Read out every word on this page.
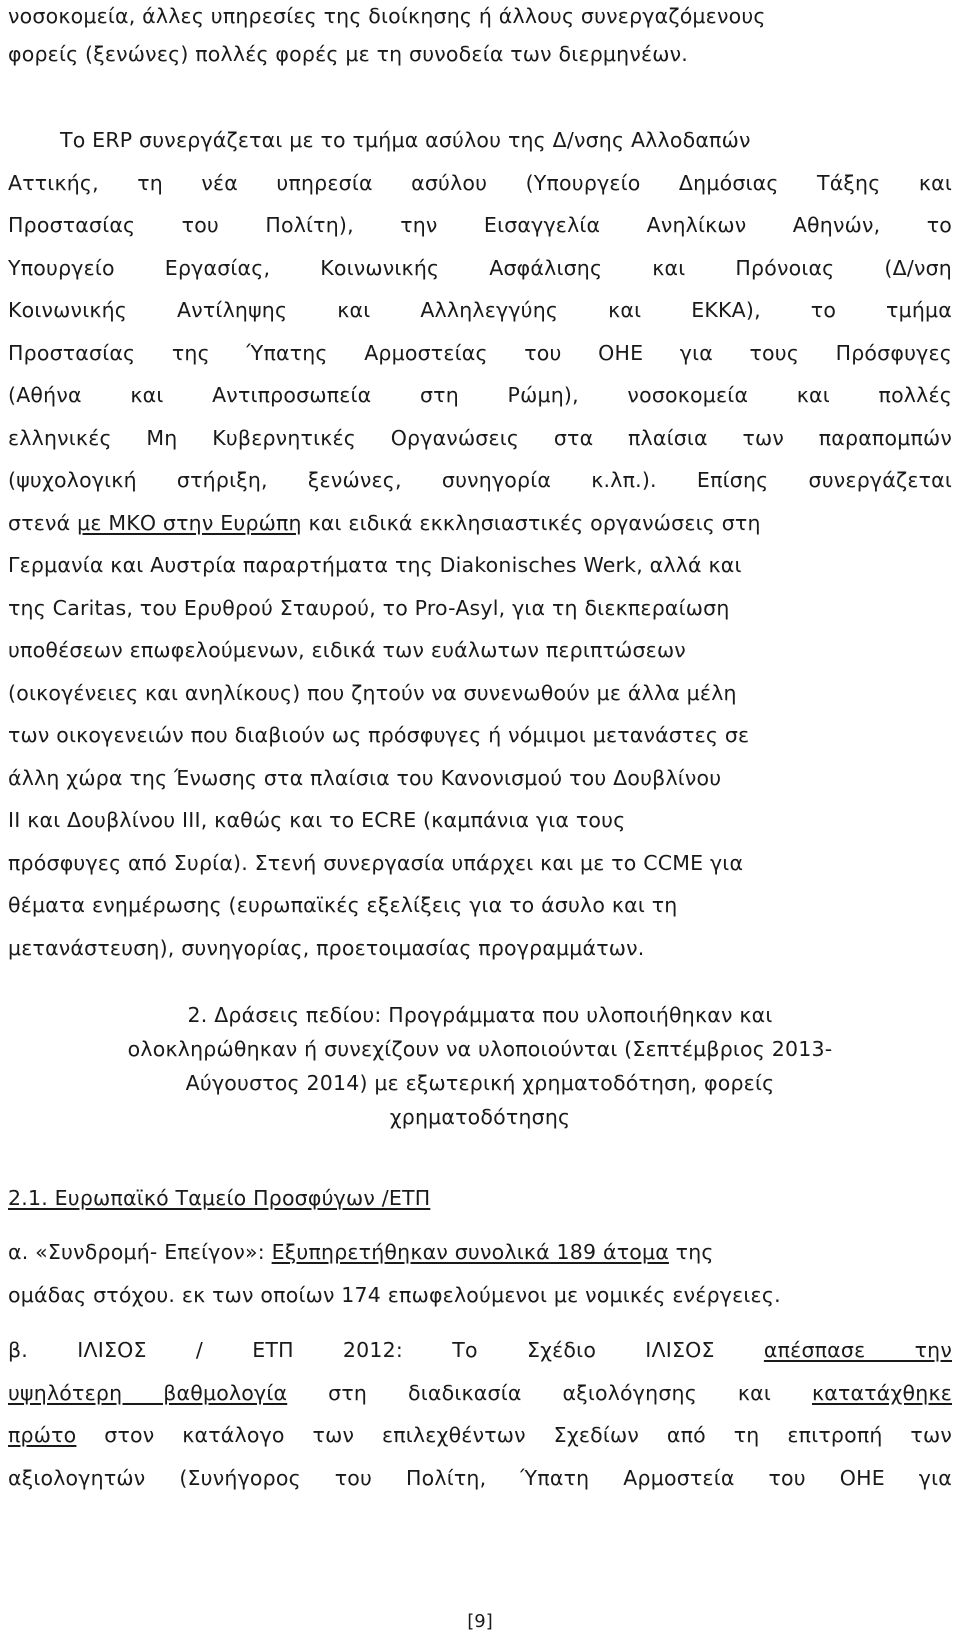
νοσοκομεία, άλλες υπηρεσίες της διοίκησης ή άλλους συνεργαζόμενους
φορείς (ξενώνες) πολλές φορές με τη συνοδεία των διερμηνέων.
Το ERP συνεργάζεται με το τμήμα ασύλου της Δ/νσης Αλλοδαπών
Αττικής, τη νέα υπηρεσία ασύλου (Υπουργείο Δημόσιας Τάξης και
Προστασίας του Πολίτη), την Εισαγγελία Ανηλίκων Αθηνών, το
Υπουργείο Εργασίας, Κοινωνικής Ασφάλισης και Πρόνοιας (Δ/νση
Κοινωνικής Αντίληψης και Αλληλεγγύης και ΕΚΚΑ), το τμήμα
Προστασίας της Ύπατης Αρμοστείας του ΟΗΕ για τους Πρόσφυγες
(Αθήνα και Αντιπροσωπεία στη Ρώμη), νοσοκομεία και πολλές
ελληνικές Μη Κυβερνητικές Οργανώσεις στα πλαίσια των παραπομπών
(ψυχολογική στήριξη, ξενώνες, συνηγορία κ.λπ.). Επίσης συνεργάζεται
στενά με ΜΚΟ στην Ευρώπη και ειδικά εκκλησιαστικές οργανώσεις στη
Γερμανία και Αυστρία παραρτήματα της Diakonisches Werk, αλλά και
της Caritas, του Ερυθρού Σταυρού, το Pro-Asyl, για τη διεκπεραίωση
υποθέσεων επωφελούμενων, ειδικά των ευάλωτων περιπτώσεων
(οικογένειες και ανηλίκους) που ζητούν να συνενωθούν με άλλα μέλη
των οικογενειών που διαβιούν ως πρόσφυγες ή νόμιμοι μετανάστες σε
άλλη χώρα της Ένωσης στα πλαίσια του Κανονισμού του Δουβλίνου
ΙΙ και Δουβλίνου ΙΙΙ, καθώς και το ECRE (καμπάνια για τους
πρόσφυγες από Συρία). Στενή συνεργασία υπάρχει και με το CCME για
θέματα ενημέρωσης (ευρωπαϊκές εξελίξεις για το άσυλο και τη
μετανάστευση), συνηγορίας, προετοιμασίας προγραμμάτων.
2. Δράσεις πεδίου: Προγράμματα που υλοποιήθηκαν και
ολοκληρώθηκαν ή συνεχίζουν να υλοποιούνται (Σεπτέμβριος 2013-
Αύγουστος 2014) με εξωτερική χρηματοδότηση, φορείς
χρηματοδότησης
2.1. Ευρωπαϊκό Ταμείο Προσφύγων /ΕΤΠ
α. «Συνδρομή- Επείγον»: Εξυπηρετήθηκαν συνολικά 189 άτομα της
ομάδας στόχου. εκ των οποίων 174 επωφελούμενοι με νομικές ενέργειες.
β. ΙΛΙΣΟΣ / ΕΤΠ 2012: Το Σχέδιο ΙΛΙΣΟΣ απέσπασε την
υψηλότερη βαθμολογία στη διαδικασία αξιολόγησης και κατατάχθηκε
πρώτο στον κατάλογο των επιλεχθέντων Σχεδίων από τη επιτροπή των
αξιολογητών (Συνήγορος του Πολίτη, Ύπατη Αρμοστεία του ΟΗΕ για
[9]
